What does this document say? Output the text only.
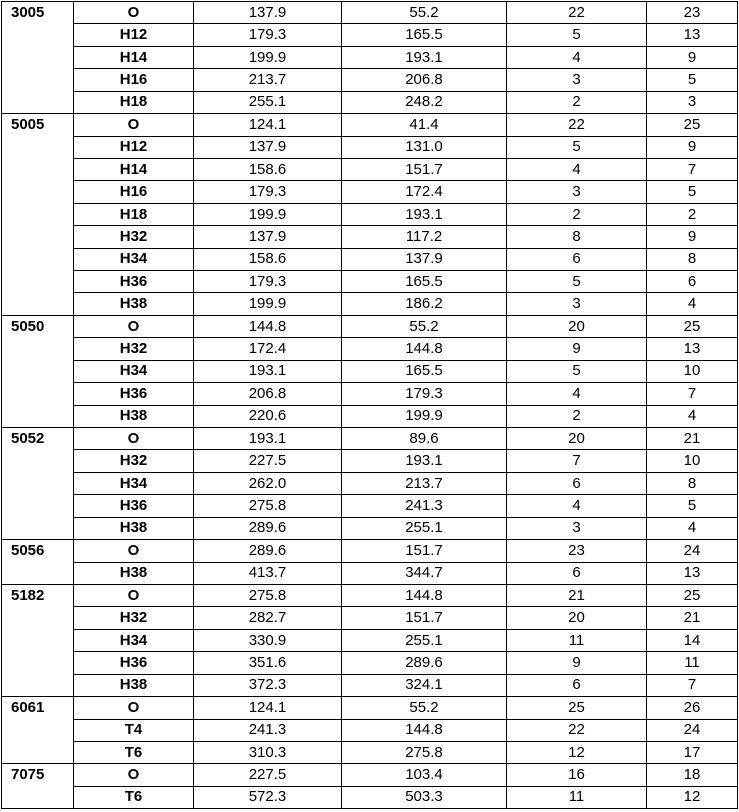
3005	O	137.9	55.2	22	23
	H12	179.3	165.5	5	13
	H14	199.9	193.1	4	9
	H16	213.7	206.8	3	5
	H18	255.1	248.2	2	3
5005	O	124.1	41.4	22	25
	H12	137.9	131.0	5	9
	H14	158.6	151.7	4	7
	H16	179.3	172.4	3	5
	H18	199.9	193.1	2	2
	H32	137.9	117.2	8	9
	H34	158.6	137.9	6	8
	H36	179.3	165.5	5	6
	H38	199.9	186.2	3	4
5050	O	144.8	55.2	20	25
	H32	172.4	144.8	9	13
	H34	193.1	165.5	5	10
	H36	206.8	179.3	4	7
	H38	220.6	199.9	2	4
5052	O	193.1	89.6	20	21
	H32	227.5	193.1	7	10
	H34	262.0	213.7	6	8
	H36	275.8	241.3	4	5
	H38	289.6	255.1	3	4
5056	O	289.6	151.7	23	24
	H38	413.7	344.7	6	13
5182	O	275.8	144.8	21	25
	H32	282.7	151.7	20	21
	H34	330.9	255.1	11	14
	H36	351.6	289.6	9	11
	H38	372.3	324.1	6	7
6061	O	124.1	55.2	25	26
	T4	241.3	144.8	22	24
	T6	310.3	275.8	12	17
7075	O	227.5	103.4	16	18
	T6	572.3	503.3	11	12
